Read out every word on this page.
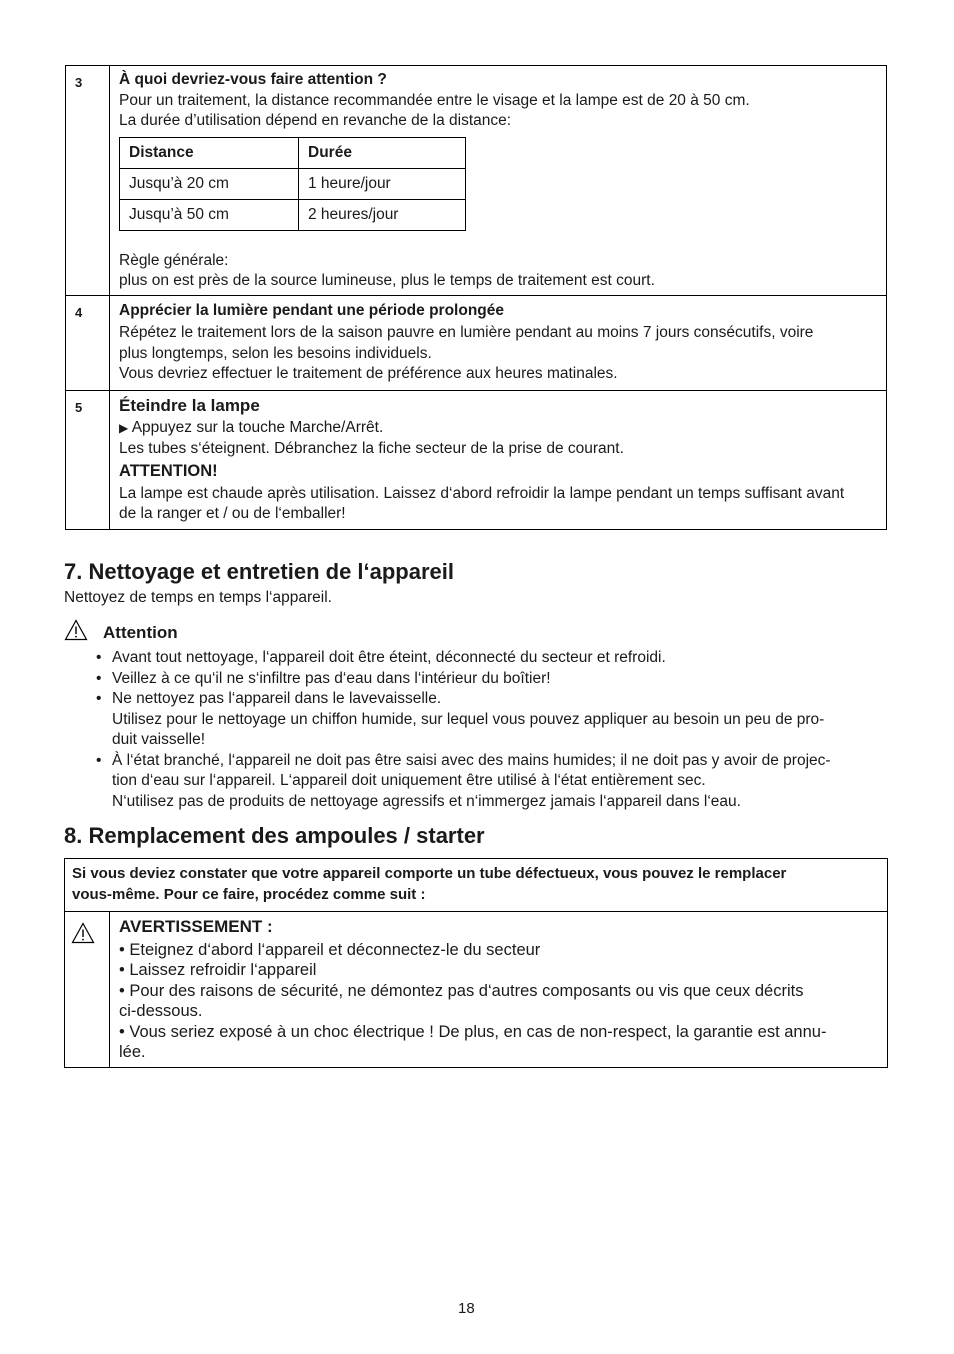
3	À quoi devriez-vous faire attention ?
Pour un traitement, la distance recommandée entre le visage et la lampe est de 20 à 50 cm.
La durée d’utilisation dépend en revanche de la distance:
Distance	Durée
Jusqu’à 20 cm	1 heure/jour
Jusqu’à 50 cm	2 heures/jour
Règle générale:
plus on est près de la source lumineuse, plus le temps de traitement est court.

4	Apprécier la lumière pendant une période prolongée
Répétez le traitement lors de la saison pauvre en lumière pendant au moins 7 jours consécutifs, voire
plus longtemps, selon les besoins individuels.
Vous devriez effectuer le traitement de préférence aux heures matinales.

5	Éteindre la lampe
▶ Appuyez sur la touche Marche/Arrêt.
Les tubes s‘éteignent. Débranchez la fiche secteur de la prise de courant.
ATTENTION!
La lampe est chaude après utilisation. Laissez d‘abord refroidir la lampe pendant un temps suffisant avant
de la ranger et / ou de l‘emballer!
7. Nettoyage et entretien de l‘appareil
Nettoyez de temps en temps l‘appareil.
Attention
• Avant tout nettoyage, l‘appareil doit être éteint, déconnecté du secteur et refroidi.
• Veillez à ce qu‘il ne s‘infiltre pas d‘eau dans l‘intérieur du boîtier!
• Ne nettoyez pas l‘appareil dans le lavevaisselle.
Utilisez pour le nettoyage un chiffon humide, sur lequel vous pouvez appliquer au besoin un peu de pro-
duit vaisselle!
• À l‘état branché, l‘appareil ne doit pas être saisi avec des mains humides; il ne doit pas y avoir de projec-
tion d‘eau sur l‘appareil. L‘appareil doit uniquement être utilisé à l‘état entièrement sec.
N‘utilisez pas de produits de nettoyage agressifs et n‘immergez jamais l‘appareil dans l‘eau.
8. Remplacement des ampoules / starter
Si vous deviez constater que votre appareil comporte un tube défectueux, vous pouvez le remplacer
vous-même. Pour ce faire, procédez comme suit :

AVERTISSEMENT :
• Eteignez d‘abord l‘appareil et déconnectez-le du secteur
• Laissez refroidir l‘appareil
• Pour des raisons de sécurité, ne démontez pas d‘autres composants ou vis que ceux décrits
ci-dessous.
• Vous seriez exposé à un choc électrique ! De plus, en cas de non-respect, la garantie est annu-
lée.
18
